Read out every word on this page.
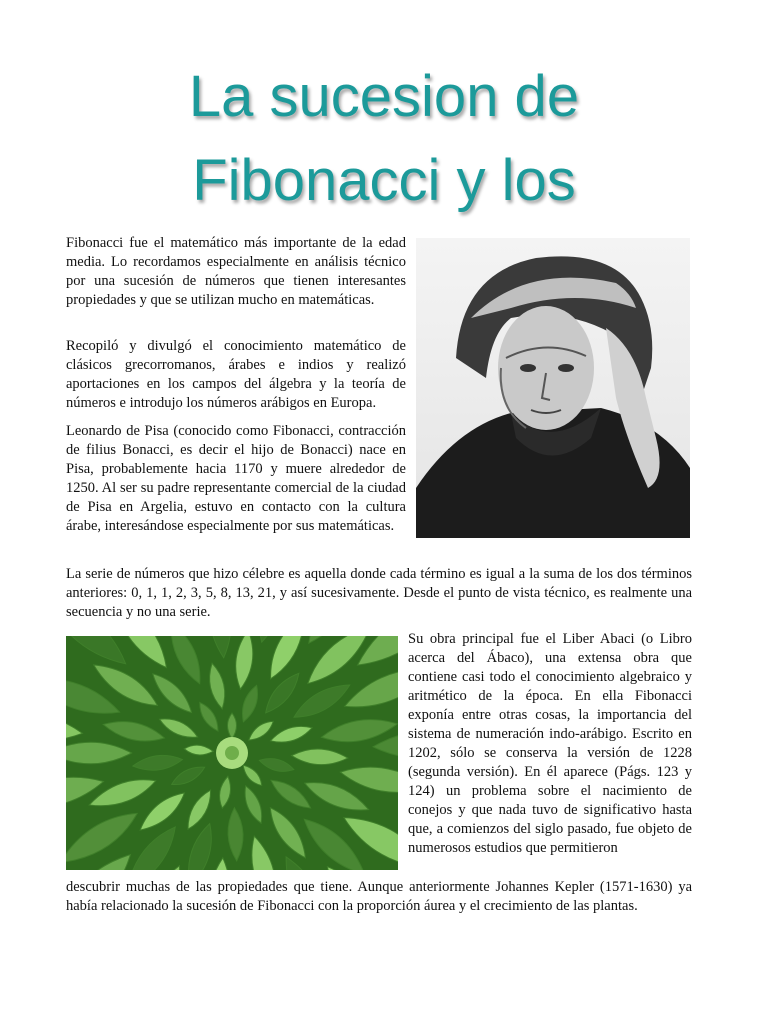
La sucesion de
Fibonacci y los

Fibonacci fue el matemático más importante de la edad media. Lo recordamos especialmente en análisis técnico por una sucesión de números que tienen interesantes propiedades y que se utilizan mucho en matemáticas.

Recopiló y divulgó el conocimiento matemático de clásicos grecorromanos, árabes e indios y realizó aportaciones en los campos del álgebra y la teoría de números e introdujo los números arábigos en Europa.

Leonardo de Pisa (conocido como Fibonacci, contracción de filius Bonacci, es decir el hijo de Bonacci) nace en Pisa, probablemente hacia 1170 y muere alrededor de 1250. Al ser su padre representante comercial de la ciudad de Pisa en Argelia, estuvo en contacto con la cultura árabe, interesándose especialmente por sus matemáticas.

La serie de números que hizo célebre es aquella donde cada término es igual a la suma de los dos términos anteriores: 0, 1, 1, 2, 3, 5, 8, 13, 21, y así sucesivamente. Desde el punto de vista técnico, es realmente una secuencia y no una serie.

Su obra principal fue el Liber Abaci (o Libro acerca del Ábaco), una extensa obra que contiene casi todo el conocimiento algebraico y aritmético de la época. En ella Fibonacci exponía entre otras cosas, la importancia del sistema de numeración indo-arábigo. Escrito en 1202, sólo se conserva la versión de 1228 (segunda versión). En él aparece (Págs. 123 y 124) un problema sobre el nacimiento de conejos y que nada tuvo de significativo hasta que, a comienzos del siglo pasado, fue objeto de numerosos estudios que permitieron

descubrir muchas de las propiedades que tiene. Aunque anteriormente Johannes Kepler (1571-1630) ya había relacionado la sucesión de Fibonacci con la proporción áurea y el crecimiento de las plantas.
